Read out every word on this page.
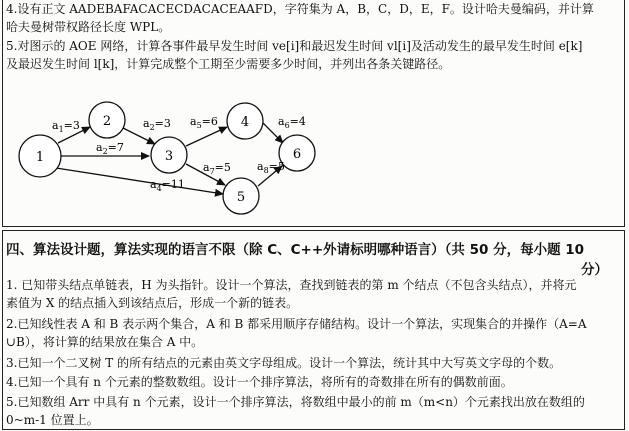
4.设有正文 AADEBAFACACECDACACEAAFD，字符集为 A，B，C，D，E，F。设计哈夫曼编码，并计算
哈夫曼树带权路径长度 WPL。
5.对图示的 AOE 网络，计算各事件最早发生时间 ve[i]和最迟发生时间 vl[i]及活动发生的最早发生时间 e[k]
及最迟发生时间 l[k]，计算完成整个工期至少需要多少时间，并列出各条关键路径。
1
2
3
4
5
6
$a_1=3$
$a_2=7$
$a_4=11$
$a_2=3$ $a_5=6$
$a_7=5$
$a_6=4$
$a_8=5$
四、算法设计题，算法实现的语言不限（除 C、C++外请标明哪种语言）（共 50 分，每小题 10
分）
1. 已知带头结点单链表，H 为头指针。设计一个算法，查找到链表的第 m 个结点（不包含头结点），并将元
素值为 X 的结点插入到该结点后，形成一个新的链表。
2.已知线性表 A 和 B 表示两个集合，A 和 B 都采用顺序存储结构。设计一个算法，实现集合的并操作（A=A
∪B），将计算的结果放在集合 A 中。
3.已知一个二叉树 T 的所有结点的元素由英文字母组成。设计一个算法，统计其中大写英文字母的个数。
4.已知一个具有 n 个元素的整数数组。设计一个排序算法，将所有的奇数排在所有的偶数前面。
5.已知数组 Arr 中具有 n 个元素，设计一个排序算法，将数组中最小的前 m（m<n）个元素找出放在数组的
0~m-1 位置上。
